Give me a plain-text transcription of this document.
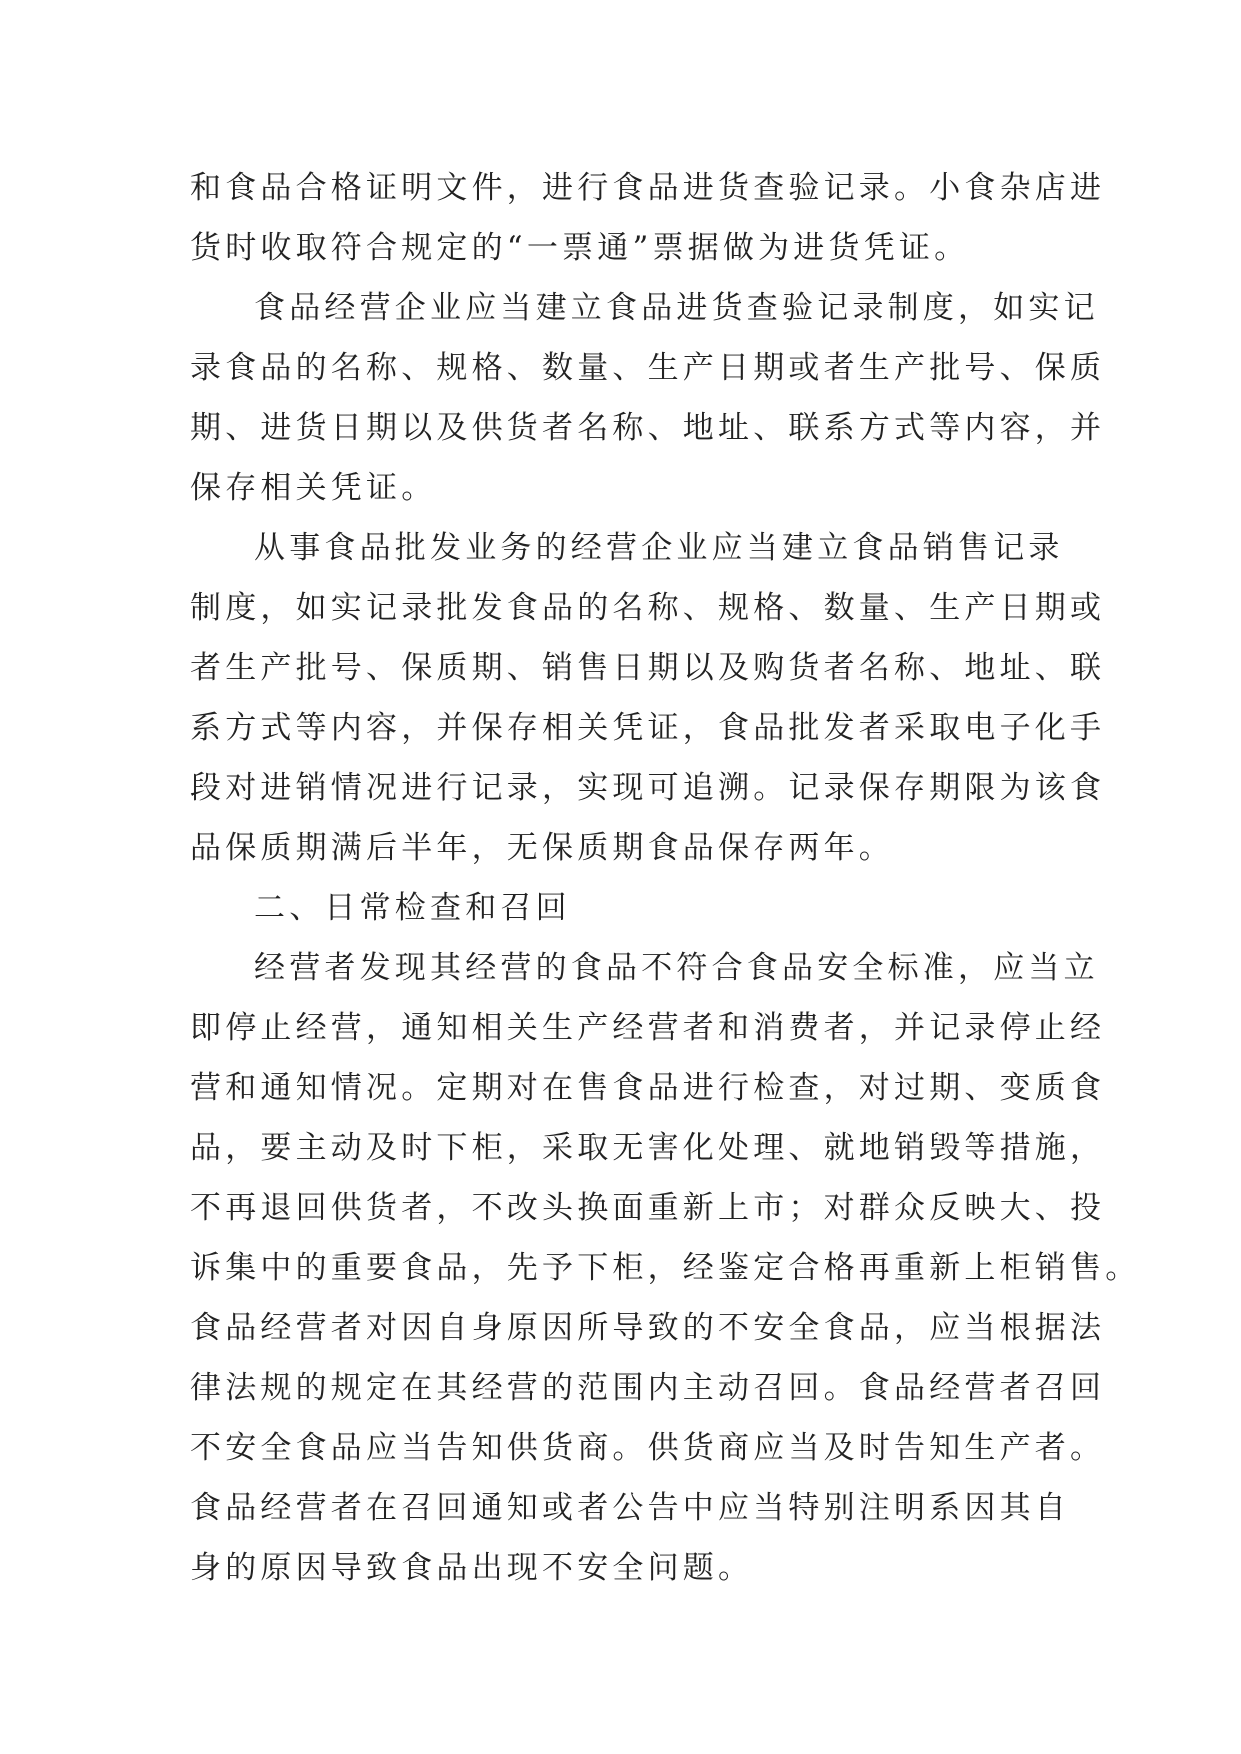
和食品合格证明文件，进行食品进货查验记录。小食杂店进
货时收取符合规定的“一票通”票据做为进货凭证。
食品经营企业应当建立食品进货查验记录制度，如实记
录食品的名称、规格、数量、生产日期或者生产批号、保质
期、进货日期以及供货者名称、地址、联系方式等内容，并
保存相关凭证。
从事食品批发业务的经营企业应当建立食品销售记录
制度，如实记录批发食品的名称、规格、数量、生产日期或
者生产批号、保质期、销售日期以及购货者名称、地址、联
系方式等内容，并保存相关凭证，食品批发者采取电子化手
段对进销情况进行记录，实现可追溯。记录保存期限为该食
品保质期满后半年，无保质期食品保存两年。
二、日常检查和召回
经营者发现其经营的食品不符合食品安全标准，应当立
即停止经营，通知相关生产经营者和消费者，并记录停止经
营和通知情况。定期对在售食品进行检查，对过期、变质食
品，要主动及时下柜，采取无害化处理、就地销毁等措施，
不再退回供货者，不改头换面重新上市；对群众反映大、投
诉集中的重要食品，先予下柜，经鉴定合格再重新上柜销售。
食品经营者对因自身原因所导致的不安全食品，应当根据法
律法规的规定在其经营的范围内主动召回。食品经营者召回
不安全食品应当告知供货商。供货商应当及时告知生产者。
食品经营者在召回通知或者公告中应当特别注明系因其自
身的原因导致食品出现不安全问题。
